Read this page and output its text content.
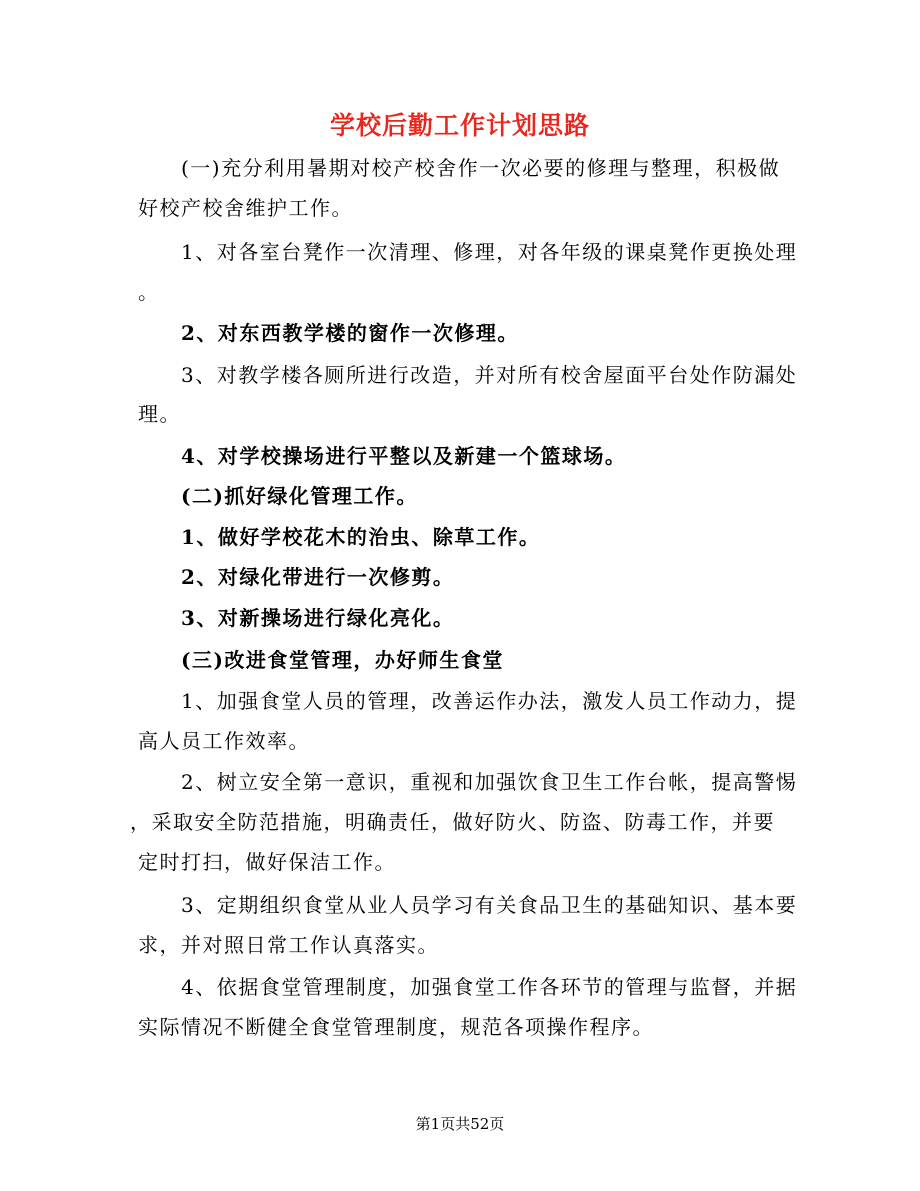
学校后勤工作计划思路
(一)充分利用暑期对校产校舍作一次必要的修理与整理，积极做
好校产校舍维护工作。
1、对各室台凳作一次清理、修理，对各年级的课桌凳作更换处理
。
2、对东西教学楼的窗作一次修理。
3、对教学楼各厕所进行改造，并对所有校舍屋面平台处作防漏处
理。
4、对学校操场进行平整以及新建一个篮球场。
(二)抓好绿化管理工作。
1、做好学校花木的治虫、除草工作。
2、对绿化带进行一次修剪。
3、对新操场进行绿化亮化。
(三)改进食堂管理，办好师生食堂
1、加强食堂人员的管理，改善运作办法，激发人员工作动力，提
高人员工作效率。
2、树立安全第一意识，重视和加强饮食卫生工作台帐，提高警惕
，采取安全防范措施，明确责任，做好防火、防盗、防毒工作，并要
定时打扫，做好保洁工作。
3、定期组织食堂从业人员学习有关食品卫生的基础知识、基本要
求，并对照日常工作认真落实。
4、依据食堂管理制度，加强食堂工作各环节的管理与监督，并据
实际情况不断健全食堂管理制度，规范各项操作程序。
第1页共52页
